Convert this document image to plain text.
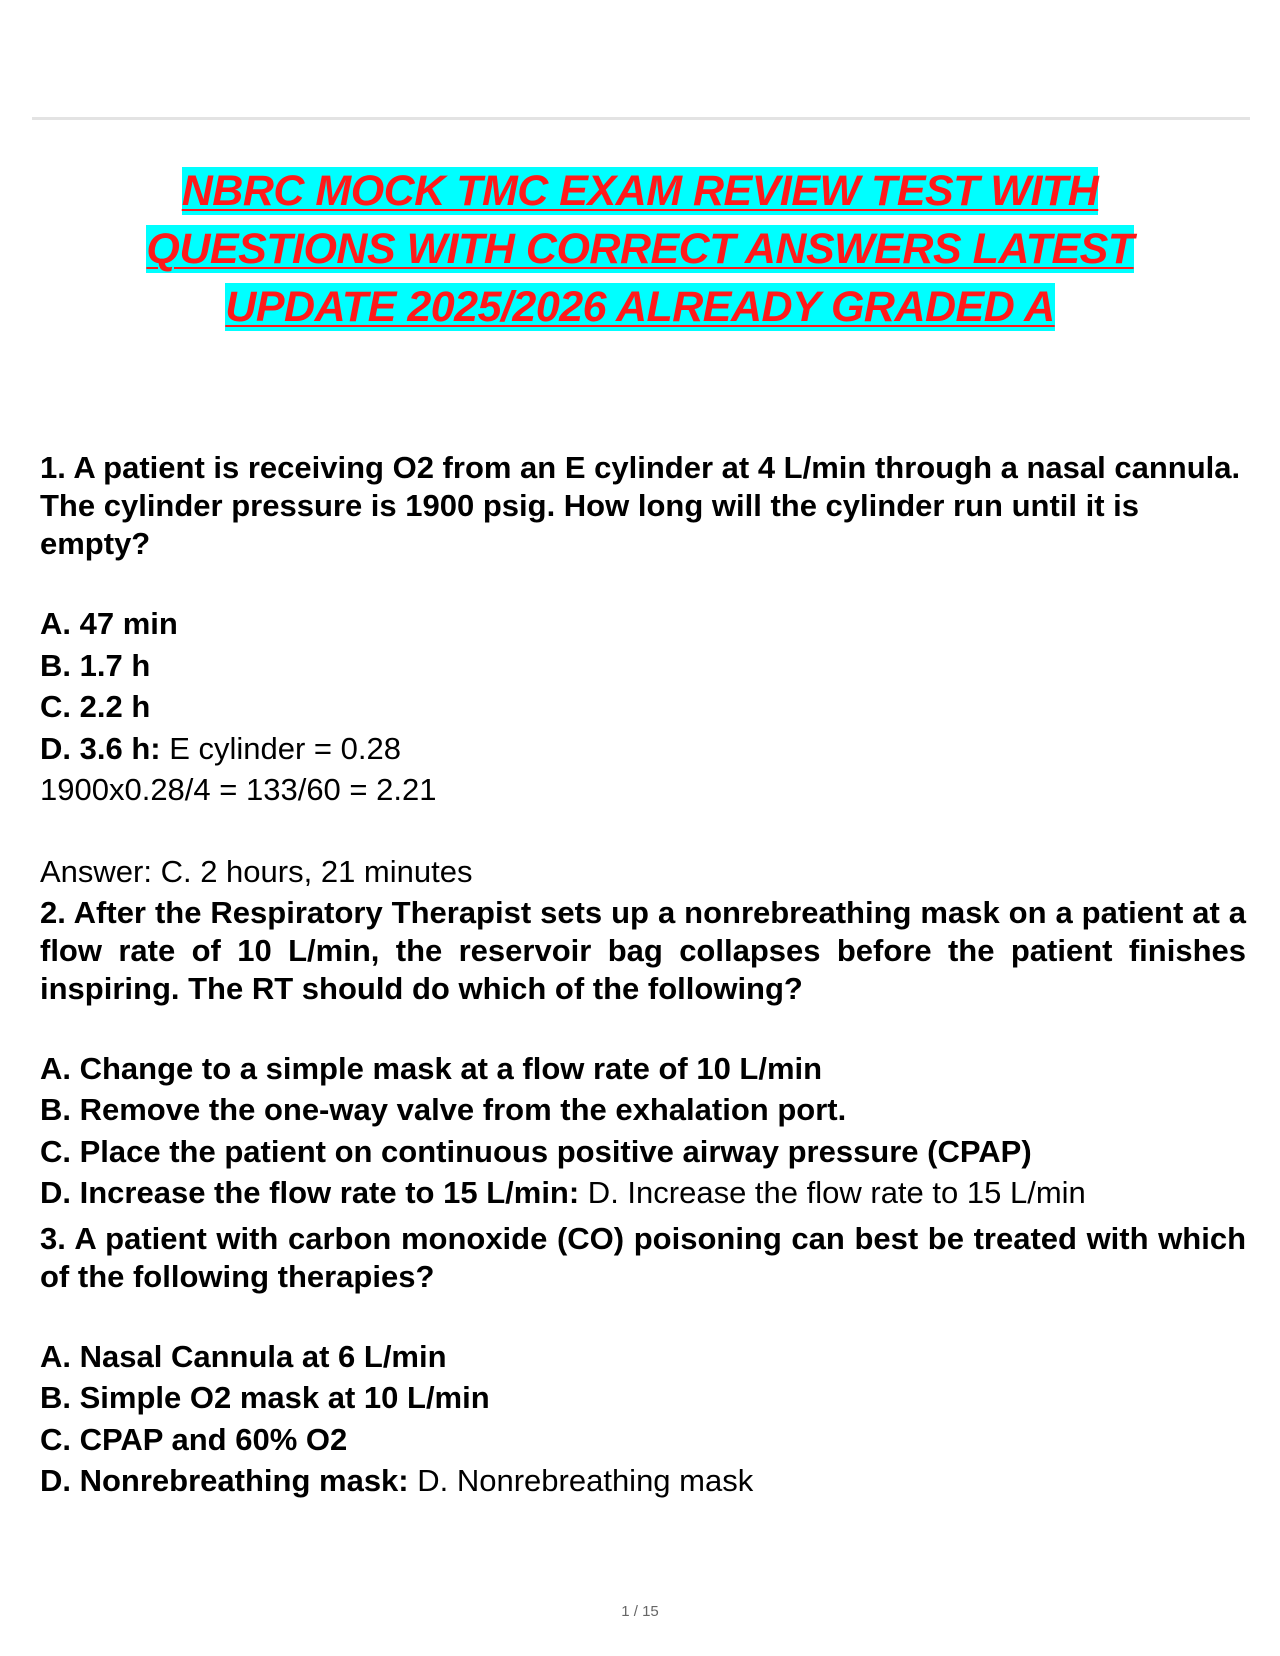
NBRC MOCK TMC EXAM REVIEW TEST WITH
QUESTIONS WITH CORRECT ANSWERS LATEST
UPDATE 2025/2026 ALREADY GRADED A

1. A patient is receiving O2 from an E cylinder at 4 L/min through a nasal cannula. The cylinder pressure is 1900 psig. How long will the cylinder run until it is empty?

A. 47 min
B. 1.7 h
C. 2.2 h
D. 3.6 h: E cylinder = 0.28
1900x0.28/4 = 133/60 = 2.21

Answer: C. 2 hours, 21 minutes

2. After the Respiratory Therapist sets up a nonrebreathing mask on a patient at a flow rate of 10 L/min, the reservoir bag collapses before the patient finishes inspiring. The RT should do which of the following?

A. Change to a simple mask at a flow rate of 10 L/min
B. Remove the one-way valve from the exhalation port.
C. Place the patient on continuous positive airway pressure (CPAP)
D. Increase the flow rate to 15 L/min: D. Increase the flow rate to 15 L/min

3. A patient with carbon monoxide (CO) poisoning can best be treated with which of the following therapies?

A. Nasal Cannula at 6 L/min
B. Simple O2 mask at 10 L/min
C. CPAP and 60% O2
D. Nonrebreathing mask: D. Nonrebreathing mask
1 / 15
